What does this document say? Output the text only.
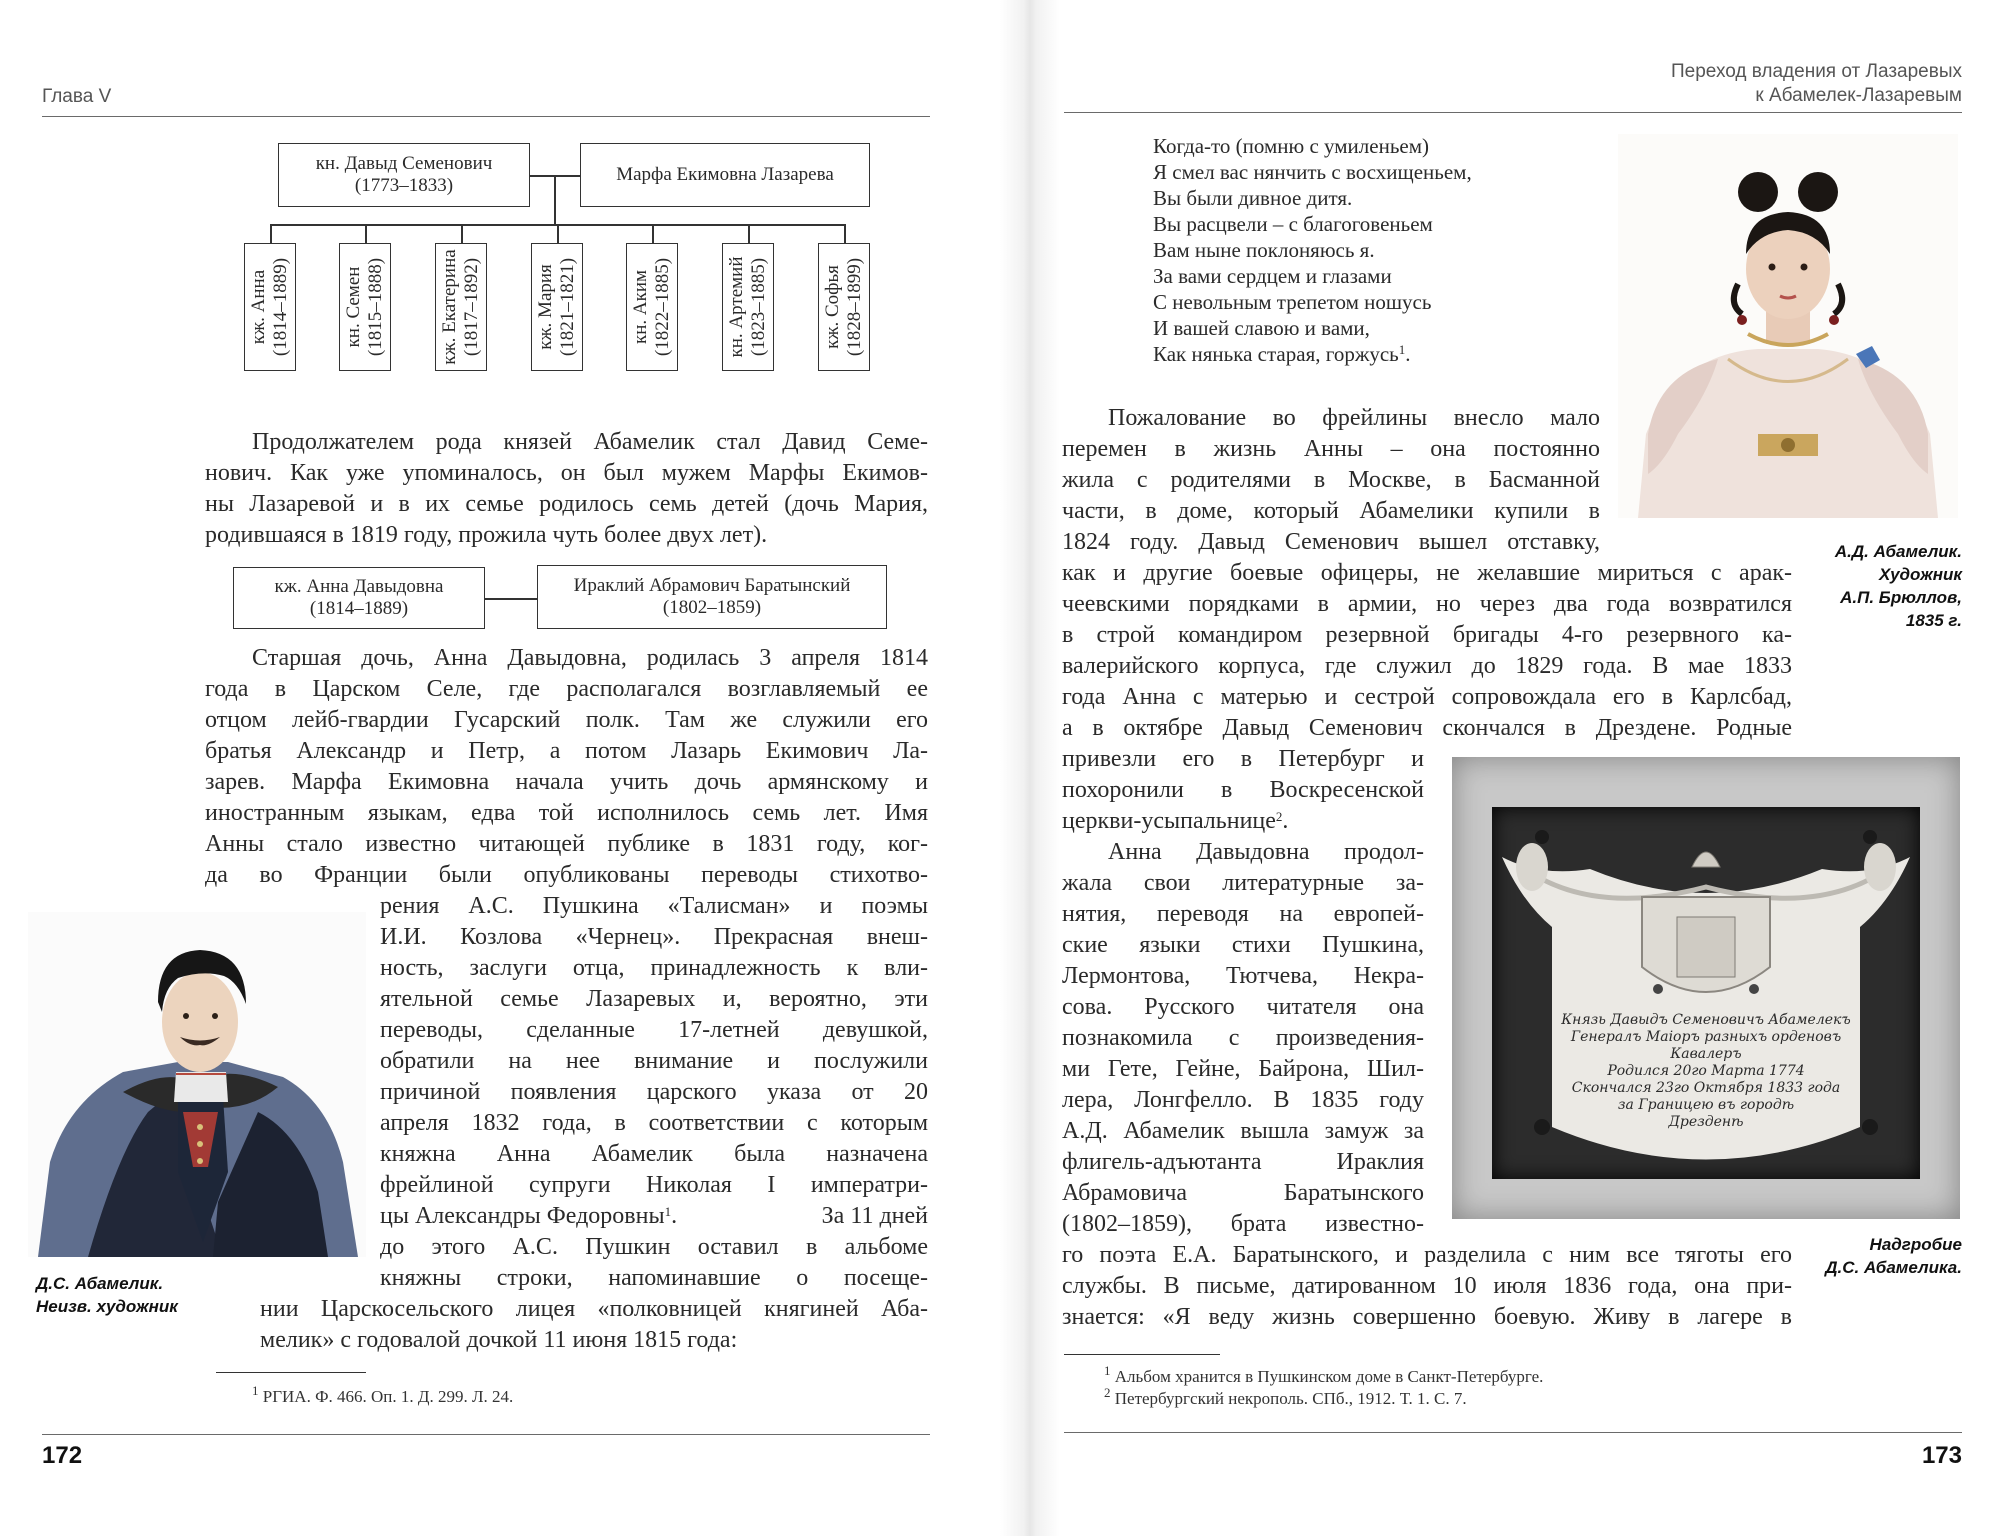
Глава V
кн. Давыд Семенович
(1773–1833)
Марфа Екимовна Лазарева
кж. Анна (1814–1889)	кн. Семен (1815–1888)	кж. Екатерина (1817–1892)	кж. Мария (1821–1821)	кн. Аким (1822–1885)	кн. Артемий (1823–1885)	кж. Софья (1828–1899)

Продолжателем рода князей Абамелик стал Давид Семе-

нович. Как уже упоминалось, он был мужем Марфы Екимов-

ны Лазаревой и в их семье родилось семь детей (дочь Мария,

родившаяся в 1819 году, прожила чуть более двух лет).

кж. Анна Давыдовна
(1814–1889)
Ираклий Абрамович Баратынский
(1802–1859)

Старшая дочь, Анна Давыдовна, родилась 3 апреля 1814

года в Царском Селе, где располагался возглавляемый ее

отцом лейб-гвардии Гусарский полк. Там же служили его

братья Александр и Петр, а потом Лазарь Екимович Ла-

зарев. Марфа Екимовна начала учить дочь армянскому и

иностранным языкам, едва той исполнилось семь лет. Имя

Анны стало известно читающей публике в 1831 году, ког-

да во Франции были опубликованы переводы стихотво-

рения А.С. Пушкина «Талисман» и поэмы

И.И. Козлова «Чернец». Прекрасная внеш-

ность, заслуги отца, принадлежность к вли-

ятельной семье Лазаревых и, вероятно, эти

переводы, сделанные 17-летней девушкой,

обратили на нее внимание и послужили

причиной появления царского указа от 20

апреля 1832 года, в соответствии с которым

княжна Анна Абамелик была назначена

фрейлиной супруги Николая I императри-

цы Александры Федоровны$^1$.	За 11 дней

до этого А.С. Пушкин оставил в альбоме

княжны строки, напоминавшие о посеще-

нии Царскосельского лицея «полковницей княгиней Аба-

мелик» с годовалой дочкой 11 июня 1815 года:

Д.С. Абамелик.
Неизв. художник
$^1$ РГИА. Ф. 466. Оп. 1. Д. 299. Л. 24.
172
Переход владения от Лазаревых
к Абамелек-Лазаревым

Когда-то (помню с умиленьем)

Я смел вас нянчить с восхищеньем,

Вы были дивное дитя.

Вы расцвели – с благоговеньем

Вам ныне поклоняюсь я.

За вами сердцем и глазами

С невольным трепетом ношусь

И вашей славою и вами,

Как нянька старая, горжусь$^1$.

Пожалование во фрейлины внесло мало

перемен в жизнь Анны – она постоянно

жила с родителями в Москве, в Басманной

части, в доме, который Абамелики купили в

1824 году. Давыд Семенович вышел отставку,

как и другие боевые офицеры, не желавшие мириться с арак-

чеевскими порядками в армии, но через два года возвратился

в строй командиром резервной бригады 4-го резервного ка-

валерийского корпуса, где служил до 1829 года. В мае 1833

года Анна с матерью и сестрой сопровождала его в Карлсбад,

а в октябре Давыд Семенович скончался в Дрездене. Родные

привезли его в Петербург и

похоронили в Воскресенской

церкви-усыпальнице$^2$.

Анна Давыдовна продол-

жала свои литературные за-

нятия, переводя на европей-

ские языки стихи Пушкина,

Лермонтова, Тютчева, Некра-

сова. Русского читателя она

познакомила с произведения-

ми Гете, Гейне, Байрона, Шил-

лера, Лонгфелло. В 1835 году

А.Д. Абамелик вышла замуж за

флигель-адъютанта Ираклия

Абрамовича Баратынского

(1802–1859), брата известно-

го поэта Е.А. Баратынского, и разделила с ним все тяготы его

службы. В письме, датированном 10 июля 1836 года, она при-

знается: «Я веду жизнь совершенно боевую. Живу в лагере в

А.Д. Абамелик.
Художник
А.П. Брюллов,
1835 г.
Князь Давыдъ Семеновичъ Абамелекъ
Генералъ Маiоръ разныхъ орденовъ Кавалеръ
Родился 20го Марта 1774
Скончался 23го Октября 1833 года
за Границею въ городѣ
Дрезденѣ
Надгробие
Д.С. Абамелика.
$^1$ Альбом хранится в Пушкинском доме в Санкт-Петербурге.
$^2$ Петербургский некрополь. СПб., 1912. Т. 1. С. 7.
173
